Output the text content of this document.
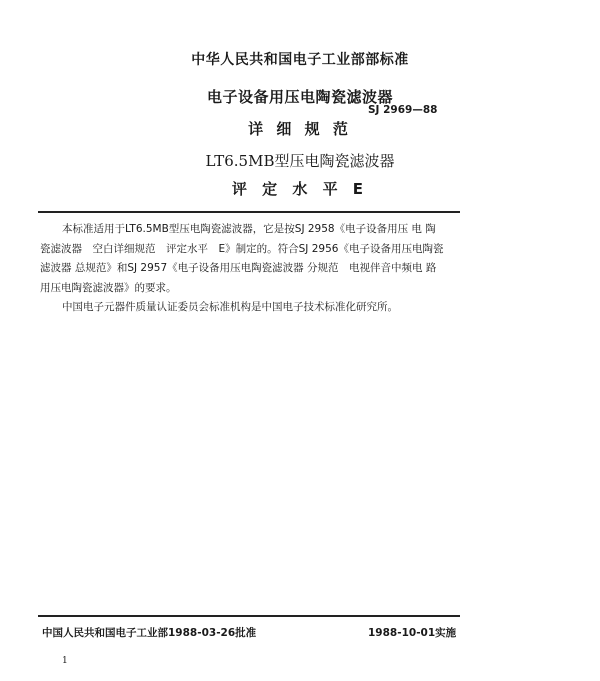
中华人民共和国电子工业部部标准
电子设备用压电陶瓷滤波器
SJ 2969—88
详 细 规 范
LT6.5MB型压电陶瓷滤波器
评 定 水 平 E

本标准适用于LT6.5MB型压电陶瓷滤波器，它是按SJ 2958《电子设备用压 电 陶

瓷滤波器　空白详细规范　评定水平　E》制定的。符合SJ 2956《电子设备用压电陶瓷

滤波器 总规范》和SJ 2957《电子设备用压电陶瓷滤波器 分规范　电视伴音中频电 路

用压电陶瓷滤波器》的要求。

中国电子元器件质量认证委员会标准机构是中国电子技术标准化研究所。

中国人民共和国电子工业部1988-03-26批准	1988-10-01实施
1
